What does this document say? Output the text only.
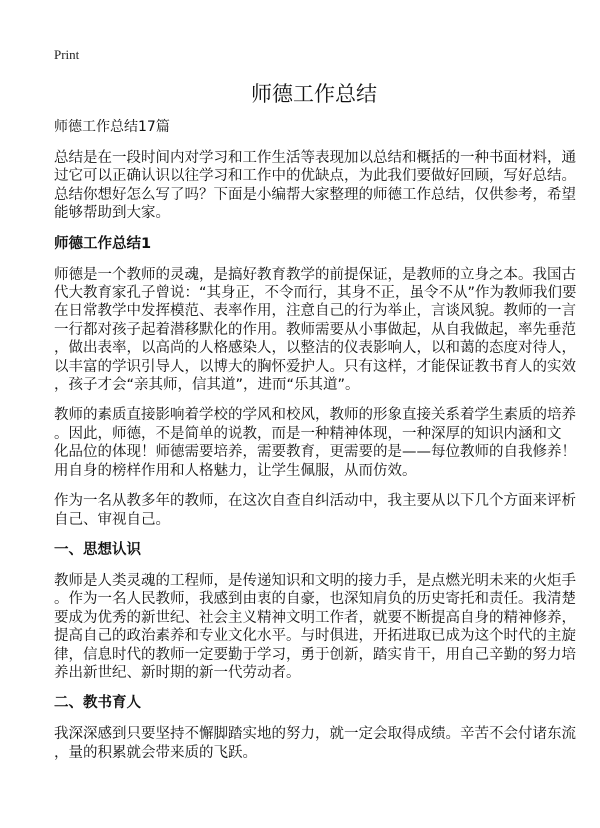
Print
师德工作总结
师德工作总结17篇

总结是在一段时间内对学习和工作生活等表现加以总结和概括的一种书面材料，通
过它可以正确认识以往学习和工作中的优缺点，为此我们要做好回顾，写好总结。
总结你想好怎么写了吗？下面是小编帮大家整理的师德工作总结，仅供参考，希望
能够帮助到大家。

师德工作总结1

师德是一个教师的灵魂，是搞好教育教学的前提保证，是教师的立身之本。我国古
代大教育家孔子曾说：“其身正，不令而行，其身不正，虽令不从”作为教师我们要
在日常教学中发挥模范、表率作用，注意自己的行为举止，言谈风貌。教师的一言
一行都对孩子起着潜移默化的作用。教师需要从小事做起，从自我做起，率先垂范
，做出表率，以高尚的人格感染人，以整洁的仪表影响人，以和蔼的态度对待人，
以丰富的学识引导人，以博大的胸怀爱护人。只有这样，才能保证教书育人的实效
，孩子才会“亲其师，信其道”，进而“乐其道”。

教师的素质直接影响着学校的学风和校风，教师的形象直接关系着学生素质的培养
。因此，师德，不是简单的说教，而是一种精神体现，一种深厚的知识内涵和文
化品位的体现！师德需要培养，需要教育，更需要的是——每位教师的自我修养！
用自身的榜样作用和人格魅力，让学生佩服，从而仿效。

作为一名从教多年的教师，在这次自查自纠活动中，我主要从以下几个方面来评析
自己、审视自己。

一、思想认识

教师是人类灵魂的工程师，是传递知识和文明的接力手，是点燃光明未来的火炬手
。作为一名人民教师，我感到由衷的自豪，也深知肩负的历史寄托和责任。我清楚
要成为优秀的新世纪、社会主义精神文明工作者，就要不断提高自身的精神修养，
提高自己的政治素养和专业文化水平。与时俱进，开拓进取已成为这个时代的主旋
律，信息时代的教师一定要勤于学习，勇于创新，踏实肯干，用自己辛勤的努力培
养出新世纪、新时期的新一代劳动者。

二、教书育人

我深深感到只要坚持不懈脚踏实地的努力，就一定会取得成绩。辛苦不会付诸东流
，量的积累就会带来质的飞跃。
